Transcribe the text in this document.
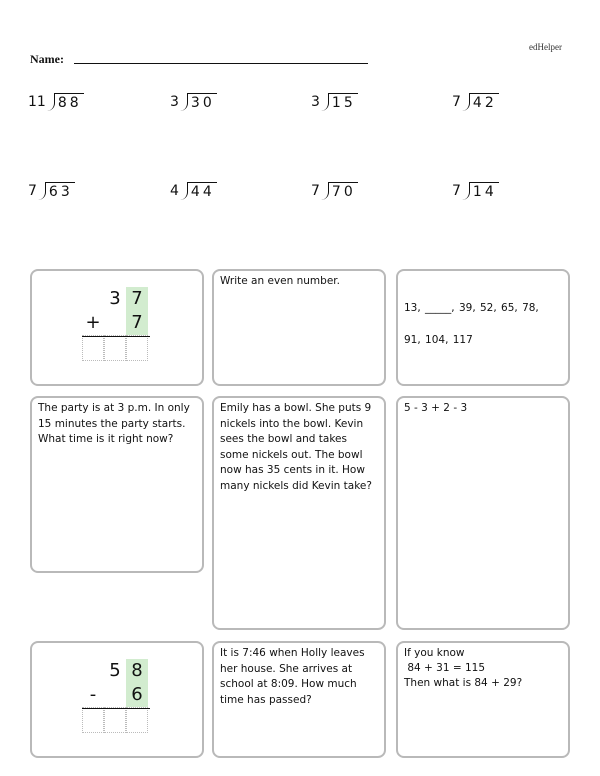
edHelper
Name:
11 88	3 30	3 15	7 42
7 63	4 44	7 70	7 14
3 7
+ 7
Write an even number.
13, _____, 39, 52, 65, 78,
91, 104, 117
The party is at 3 p.m. In only 15 minutes the party starts. What time is it right now?
Emily has a bowl. She puts 9 nickels into the bowl. Kevin sees the bowl and takes some nickels out. The bowl now has 35 cents in it. How many nickels did Kevin take?
5 - 3 + 2 - 3
5 8
-	6
It is 7:46 when Holly leaves her house. She arrives at school at 8:09. How much time has passed?
If you know
84 + 31 = 115
Then what is 84 + 29?
